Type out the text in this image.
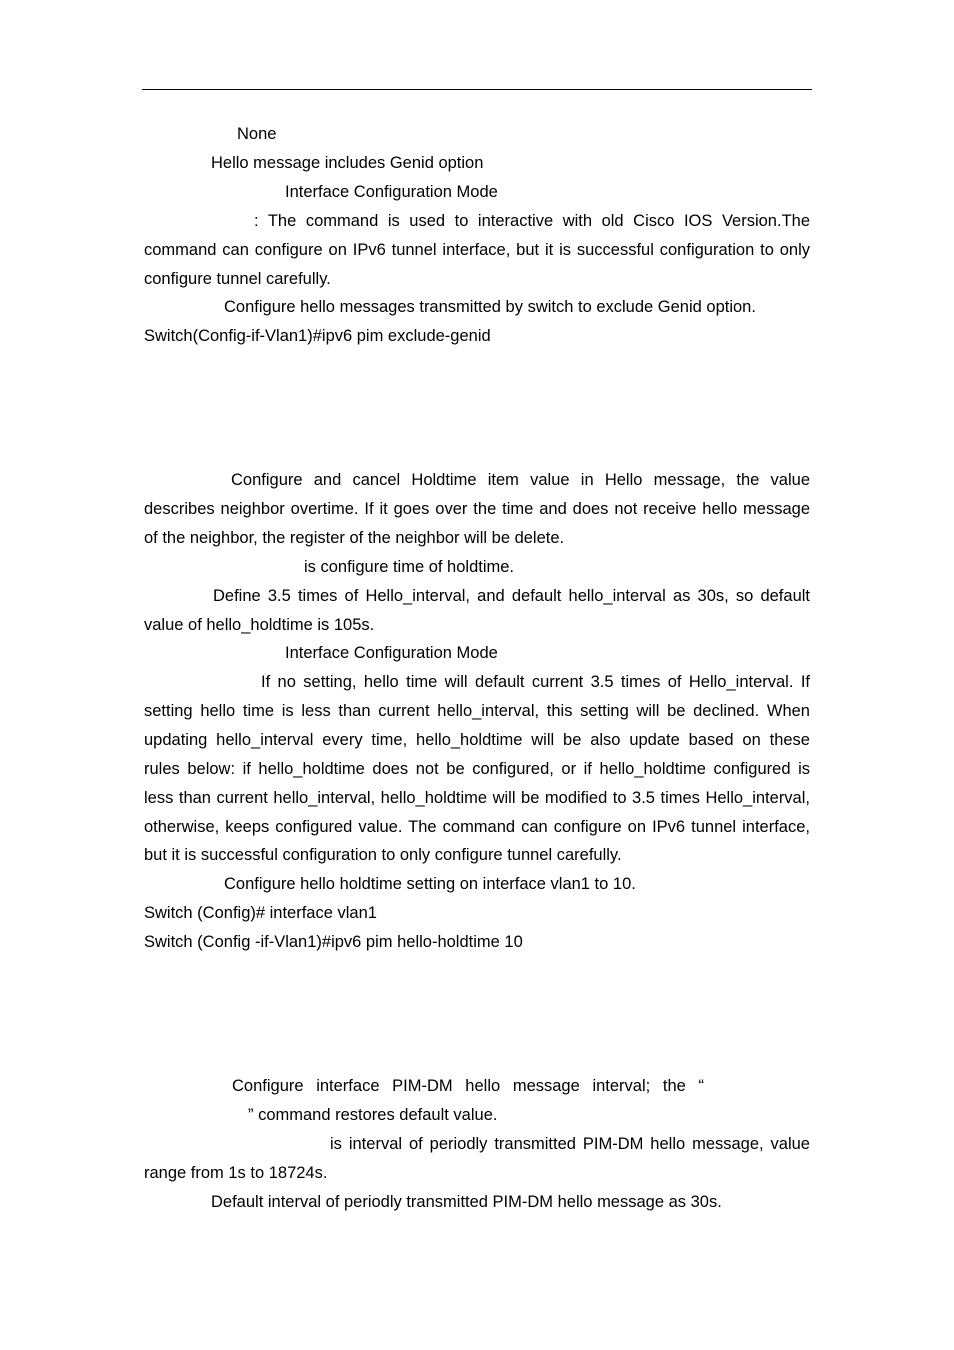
None
Hello message includes Genid option
Interface Configuration Mode
: The command is used to interactive with old Cisco IOS Version.The
command can configure on IPv6 tunnel interface, but it is successful configuration to only
configure tunnel carefully.
Configure hello messages transmitted by switch to exclude Genid option.
Switch(Config-if-Vlan1)#ipv6 pim exclude-genid
Configure and cancel Holdtime item value in Hello message, the value
describes neighbor overtime. If it goes over the time and does not receive hello message
of the neighbor, the register of the neighbor will be delete.
is configure time of holdtime.
Define 3.5 times of Hello_interval, and default hello_interval as 30s, so default
value of hello_holdtime is 105s.
Interface Configuration Mode
If no setting, hello time will default current 3.5 times of Hello_interval. If
setting hello time is less than current hello_interval, this setting will be declined. When
updating hello_interval every time, hello_holdtime will be also update based on these
rules below: if hello_holdtime does not be configured, or if hello_holdtime configured is
less than current hello_interval, hello_holdtime will be modified to 3.5 times Hello_interval,
otherwise, keeps configured value. The command can configure on IPv6 tunnel interface,
but it is successful configuration to only configure tunnel carefully.
Configure hello holdtime setting on interface vlan1 to 10.
Switch (Config)# interface vlan1
Switch (Config -if-Vlan1)#ipv6 pim hello-holdtime 10
Configure interface PIM-DM hello message interval; the “
” command restores default value.
is interval of periodly transmitted PIM-DM hello message, value
range from 1s to 18724s.
Default interval of periodly transmitted PIM-DM hello message as 30s.
